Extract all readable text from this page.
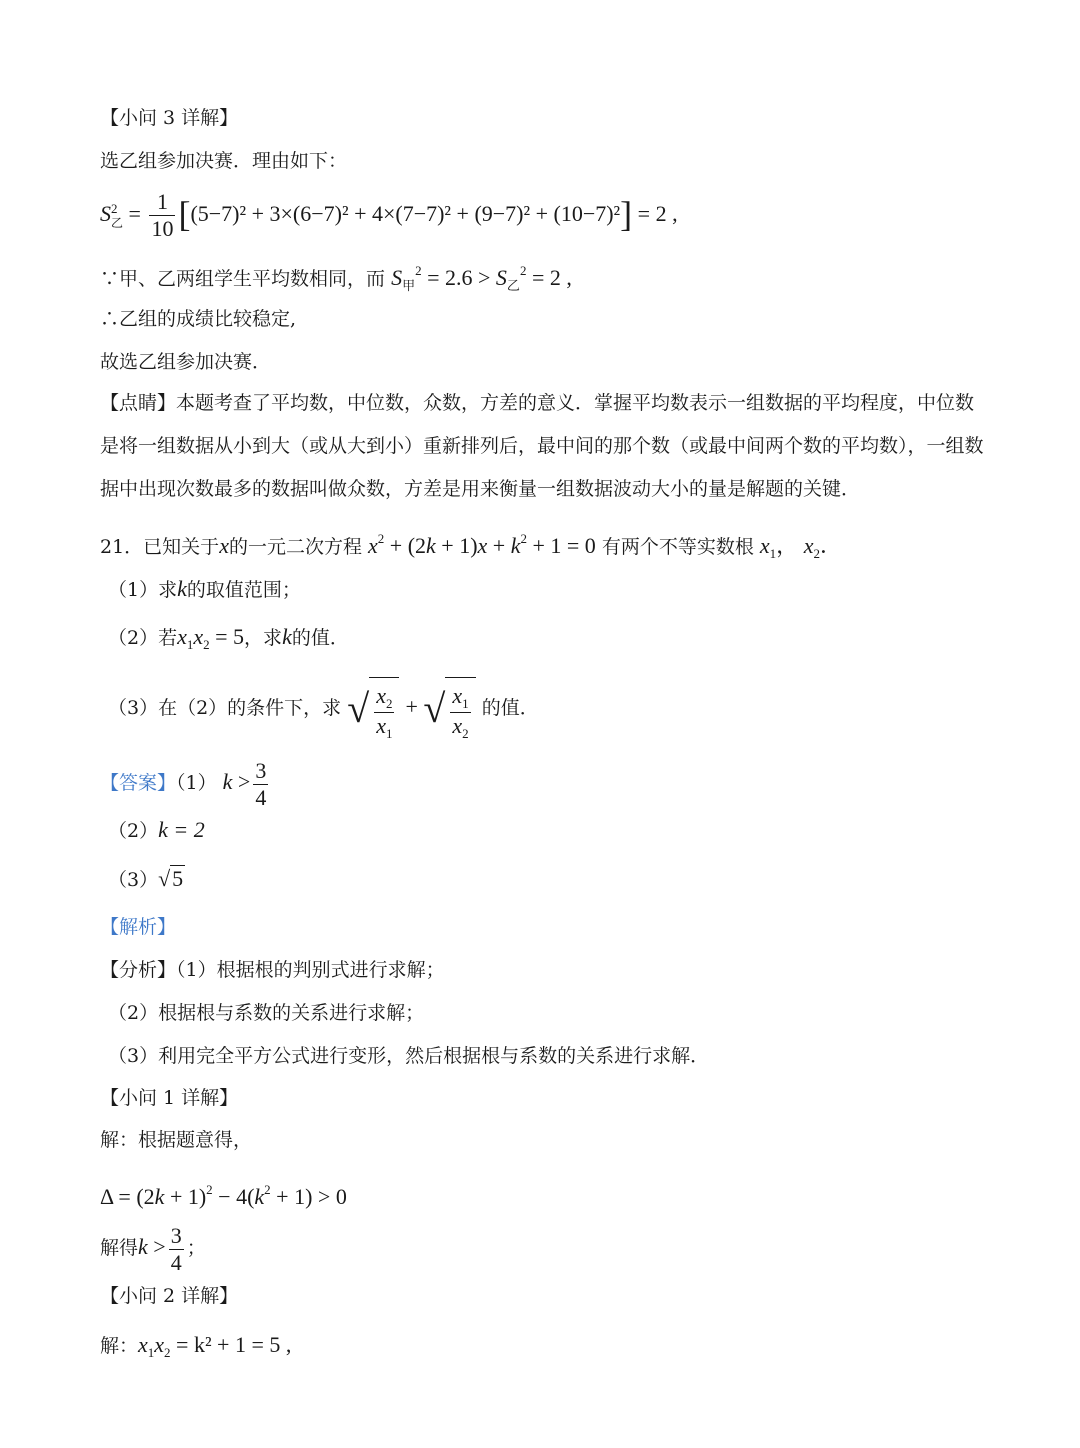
【小问 3 详解】
选乙组参加决赛．理由如下：
S 2
乙 = $\frac{1}{10} [(5-7)^2 + 3\times(6-7)^2 + 4\times(7-7)^2 + (9-7)^2 + (10-7)^2] = 2$ ,
∵甲、乙两组学生平均数相同，而 $S_甲^2 = 2.6 > S_乙^2 = 2$ ,
∴乙组的成绩比较稳定,
故选乙组参加决赛．

【点睛】本题考查了平均数，中位数，众数，方差的意义．掌握平均数表示一组数据的平均程度，中位数是将一组数据从小到大（或从大到小）重新排列后，最中间的那个数（或最中间两个数的平均数），一组数据中出现次数最多的数据叫做众数，方差是用来衡量一组数据波动大小的量是解题的关键．

21．已知关于x的一元二次方程 $x^2 + (2k + 1)x + k^2 + 1 = 0$ 有两个不等实数根 $x_1$， $x_2$．
（1）求k的取值范围；
（2）若$x_1x_2 = 5$，求k的值．
（3）在（2）的条件下，求 √ $\frac{x_2}{x_1}$ + √ $\frac{x_1}{x_2}$ 的值．
【答案】（1） $k > \frac{3}{4}$
（2）k = 2
（3）√5
【解析】
【分析】（1）根据根的判别式进行求解；
（2）根据根与系数的关系进行求解；
（3）利用完全平方公式进行变形，然后根据根与系数的关系进行求解．
【小问 1 详解】
解：根据题意得，
$\Delta = (2k + 1)^2 - 4(k^2 + 1) > 0$
解得$k > \frac{3}{4}$ ；
【小问 2 详解】
解：$x_1x_2 = k^2 + 1 = 5$ ,
